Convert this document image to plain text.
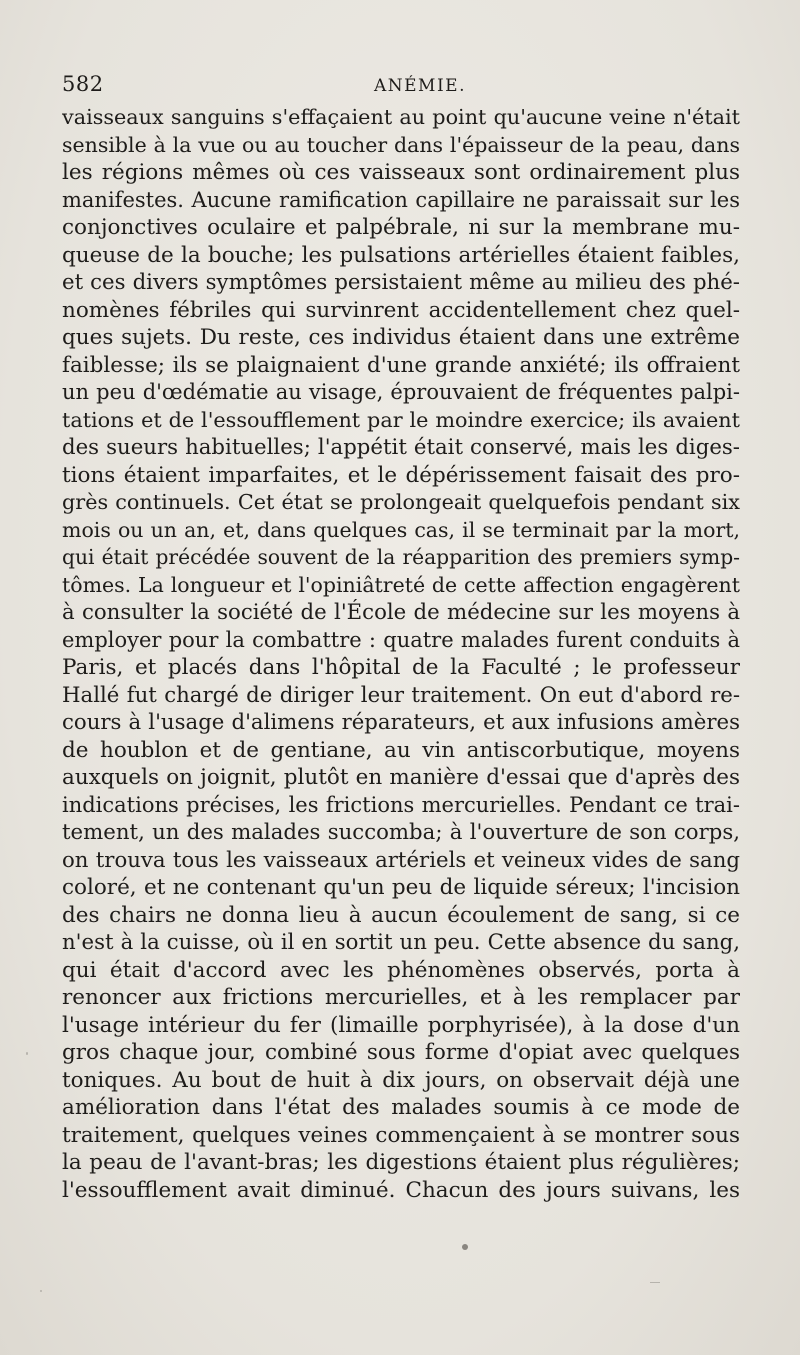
582	ANÉMIE.
vaisseaux sanguins s'effaçaient au point qu'aucune veine n'était
sensible à la vue ou au toucher dans l'épaisseur de la peau, dans
les régions mêmes où ces vaisseaux sont ordinairement plus
manifestes. Aucune ramification capillaire ne paraissait sur les
conjonctives oculaire et palpébrale, ni sur la membrane mu-
queuse de la bouche; les pulsations artérielles étaient faibles,
et ces divers symptômes persistaient même au milieu des phé-
nomènes fébriles qui survinrent accidentellement chez quel-
ques sujets. Du reste, ces individus étaient dans une extrême
faiblesse; ils se plaignaient d'une grande anxiété; ils offraient
un peu d'œdématie au visage, éprouvaient de fréquentes palpi-
tations et de l'essoufflement par le moindre exercice; ils avaient
des sueurs habituelles; l'appétit était conservé, mais les diges-
tions étaient imparfaites, et le dépérissement faisait des pro-
grès continuels. Cet état se prolongeait quelquefois pendant six
mois ou un an, et, dans quelques cas, il se terminait par la mort,
qui était précédée souvent de la réapparition des premiers symp-
tômes. La longueur et l'opiniâtreté de cette affection engagèrent
à consulter la société de l'École de médecine sur les moyens à
employer pour la combattre : quatre malades furent conduits à
Paris, et placés dans l'hôpital de la Faculté ; le professeur
Hallé fut chargé de diriger leur traitement. On eut d'abord re-
cours à l'usage d'alimens réparateurs, et aux infusions amères
de houblon et de gentiane, au vin antiscorbutique, moyens
auxquels on joignit, plutôt en manière d'essai que d'après des
indications précises, les frictions mercurielles. Pendant ce trai-
tement, un des malades succomba; à l'ouverture de son corps,
on trouva tous les vaisseaux artériels et veineux vides de sang
coloré, et ne contenant qu'un peu de liquide séreux; l'incision
des chairs ne donna lieu à aucun écoulement de sang, si ce
n'est à la cuisse, où il en sortit un peu. Cette absence du sang,
qui était d'accord avec les phénomènes observés, porta à
renoncer aux frictions mercurielles, et à les remplacer par
l'usage intérieur du fer (limaille porphyrisée), à la dose d'un
gros chaque jour, combiné sous forme d'opiat avec quelques
toniques. Au bout de huit à dix jours, on observait déjà une
amélioration dans l'état des malades soumis à ce mode de
traitement, quelques veines commençaient à se montrer sous
la peau de l'avant-bras; les digestions étaient plus régulières;
l'essoufflement avait diminué. Chacun des jours suivans, les
